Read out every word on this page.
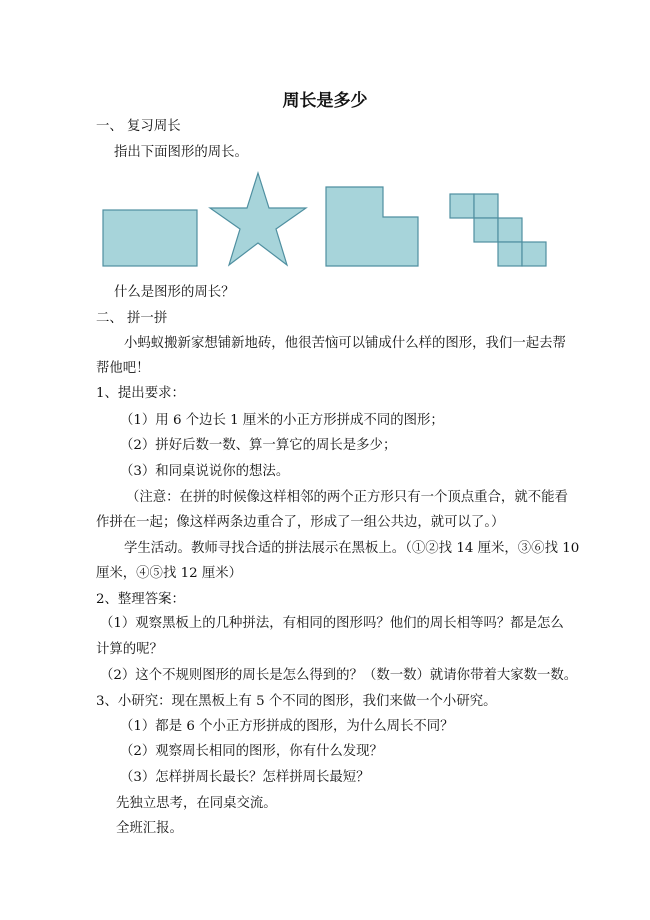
周长是多少
一、 复习周长
指出下面图形的周长。
什么是图形的周长？
二、 拼一拼
小蚂蚁搬新家想铺新地砖，他很苦恼可以铺成什么样的图形，我们一起去帮
帮他吧！
1、提出要求：
（1）用 6 个边长 1 厘米的小正方形拼成不同的图形；
（2）拼好后数一数、算一算它的周长是多少；
（3）和同桌说说你的想法。
（注意：在拼的时候像这样相邻的两个正方形只有一个顶点重合，就不能看
作拼在一起；像这样两条边重合了，形成了一组公共边，就可以了。）
学生活动。教师寻找合适的拼法展示在黑板上。（①②找 14 厘米，③⑥找 10
厘米，④⑤找 12 厘米）
2、整理答案：
（1）观察黑板上的几种拼法，有相同的图形吗？他们的周长相等吗？都是怎么
计算的呢？
（2）这个不规则图形的周长是怎么得到的？（数一数）就请你带着大家数一数。
3、小研究：现在黑板上有 5 个不同的图形，我们来做一个小研究。
（1）都是 6 个小正方形拼成的图形，为什么周长不同？
（2）观察周长相同的图形，你有什么发现？
（3）怎样拼周长最长？怎样拼周长最短？
先独立思考，在同桌交流。
全班汇报。
